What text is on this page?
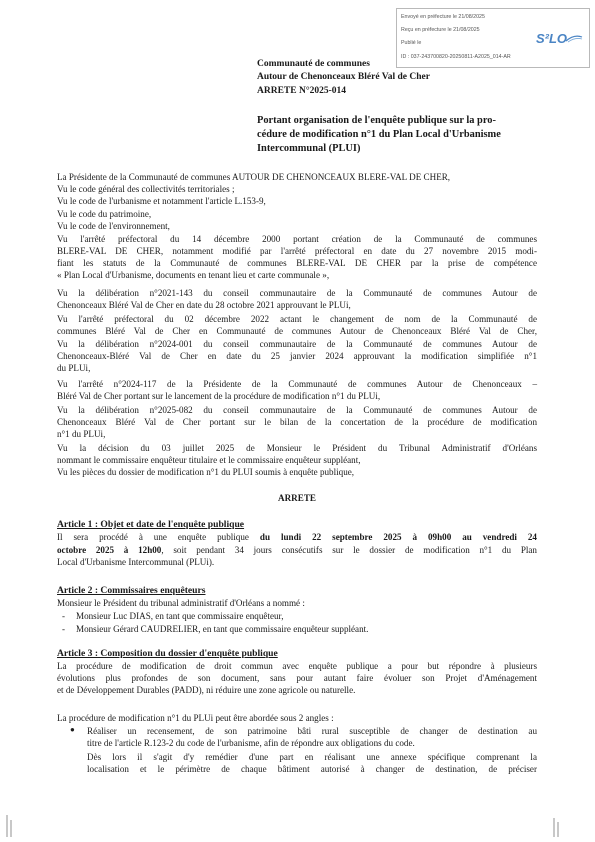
Envoyé en préfecture le 21/08/2025
Reçu en préfecture le 21/08/2025
Publié le
ID : 037-243700820-20250811-A2025_014-AR
S²LO
Communauté de communes
Autour de Chenonceaux Bléré Val de Cher
ARRETE N°2025-014
Portant organisation de l'enquête publique sur la pro-
cédure de modification n°1 du Plan Local d'Urbanisme
Intercommunal (PLUI)
La Présidente de la Communauté de communes AUTOUR DE CHENONCEAUX BLERE-VAL DE CHER,
Vu le code général des collectivités territoriales ;
Vu le code de l'urbanisme et notamment l'article L.153-9,
Vu le code du patrimoine,
Vu le code de l'environnement,
Vu l'arrêté préfectoral du 14 décembre 2000 portant création de la Communauté de communes
BLERE-VAL DE CHER, notamment modifié par l'arrêté préfectoral en date du 27 novembre 2015 modi-
fiant les statuts de la Communauté de communes BLERE-VAL DE CHER par la prise de compétence
« Plan Local d'Urbanisme, documents en tenant lieu et carte communale »,
Vu la délibération n°2021-143 du conseil communautaire de la Communauté de communes Autour de
Chenonceaux Bléré Val de Cher en date du 28 octobre 2021 approuvant le PLUi,
Vu l'arrêté préfectoral du 02 décembre 2022 actant le changement de nom de la Communauté de
communes Bléré Val de Cher en Communauté de communes Autour de Chenonceaux Bléré Val de Cher,
Vu la délibération n°2024-001 du conseil communautaire de la Communauté de communes Autour de
Chenonceaux-Bléré Val de Cher en date du 25 janvier 2024 approuvant la modification simplifiée n°1
du PLUi,
Vu l'arrêté n°2024-117 de la Présidente de la Communauté de communes Autour de Chenonceaux –
Bléré Val de Cher portant sur le lancement de la procédure de modification n°1 du PLUi,
Vu la délibération n°2025-082 du conseil communautaire de la Communauté de communes Autour de
Chenonceaux Bléré Val de Cher portant sur le bilan de la concertation de la procédure de modification
n°1 du PLUi,
Vu la décision du 03 juillet 2025 de Monsieur le Président du Tribunal Administratif d'Orléans
nommant le commissaire enquêteur titulaire et le commissaire enquêteur suppléant,
Vu les pièces du dossier de modification n°1 du PLUI soumis à enquête publique,
ARRETE
Article 1 : Objet et date de l'enquête publique
Il sera procédé à une enquête publique du lundi 22 septembre 2025 à 09h00 au vendredi 24
octobre 2025 à 12h00, soit pendant 34 jours consécutifs sur le dossier de modification n°1 du Plan
Local d'Urbanisme Intercommunal (PLUi).
Article 2 : Commissaires enquêteurs
Monsieur le Président du tribunal administratif d'Orléans a nommé :
- Monsieur Luc DIAS, en tant que commissaire enquêteur,
- Monsieur Gérard CAUDRELIER, en tant que commissaire enquêteur suppléant.
Article 3 : Composition du dossier d'enquête publique
La procédure de modification de droit commun avec enquête publique a pour but répondre à plusieurs
évolutions plus profondes de son document, sans pour autant faire évoluer son Projet d'Aménagement
et de Développement Durables (PADD), ni réduire une zone agricole ou naturelle.
La procédure de modification n°1 du PLUi peut être abordée sous 2 angles :
● Réaliser un recensement, de son patrimoine bâti rural susceptible de changer de destination au
titre de l'article R.123-2 du code de l'urbanisme, afin de répondre aux obligations du code.
Dès lors il s'agit d'y remédier d'une part en réalisant une annexe spécifique comprenant la
localisation et le périmètre de chaque bâtiment autorisé à changer de destination, de préciser
